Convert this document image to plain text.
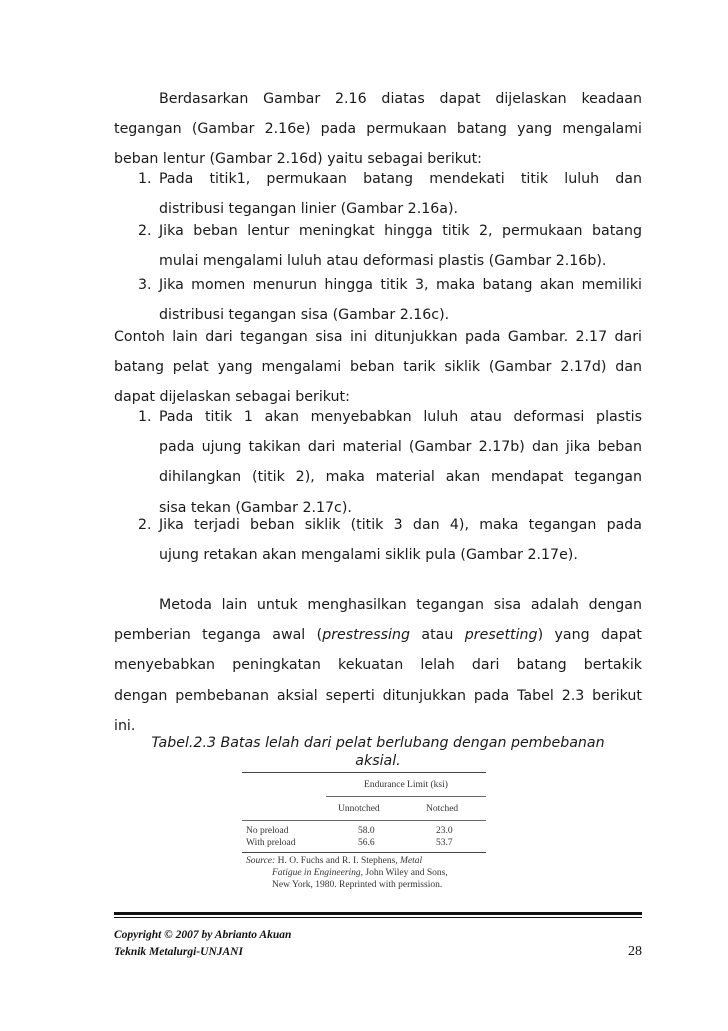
Berdasarkan Gambar 2.16 diatas dapat dijelaskan keadaan
tegangan (Gambar 2.16e) pada permukaan batang yang mengalami
beban lentur (Gambar 2.16d) yaitu sebagai berikut:
1. Pada titik1, permukaan batang mendekati titik luluh dan
distribusi tegangan linier (Gambar 2.16a).
2. Jika beban lentur meningkat hingga titik 2, permukaan batang
mulai mengalami luluh atau deformasi plastis (Gambar 2.16b).
3. Jika momen menurun hingga titik 3, maka batang akan memiliki
distribusi tegangan sisa (Gambar 2.16c).
Contoh lain dari tegangan sisa ini ditunjukkan pada Gambar. 2.17 dari
batang pelat yang mengalami beban tarik siklik (Gambar 2.17d) dan
dapat dijelaskan sebagai berikut:
1. Pada titik 1 akan menyebabkan luluh atau deformasi plastis
pada ujung takikan dari material (Gambar 2.17b) dan jika beban
dihilangkan (titik 2), maka material akan mendapat tegangan
sisa tekan (Gambar 2.17c).
2. Jika terjadi beban siklik (titik 3 dan 4), maka tegangan pada
ujung retakan akan mengalami siklik pula (Gambar 2.17e).
Metoda lain untuk menghasilkan tegangan sisa adalah dengan
pemberian teganga awal (prestressing atau presetting) yang dapat
menyebabkan peningkatan kekuatan lelah dari batang bertakik
dengan pembebanan aksial seperti ditunjukkan pada Tabel 2.3 berikut
ini.
Tabel.2.3 Batas lelah dari pelat berlubang dengan pembebanan
aksial.
Endurance Limit (ksi)
Unnotched	Notched
No preload	58.0	23.0
With preload	56.6	53.7
Source: H. O. Fuchs and R. I. Stephens, Metal
Fatigue in Engineering, John Wiley and Sons,
New York, 1980. Reprinted with permission.
Copyright © 2007 by Abrianto Akuan
Teknik Metalurgi-UNJANI	28
